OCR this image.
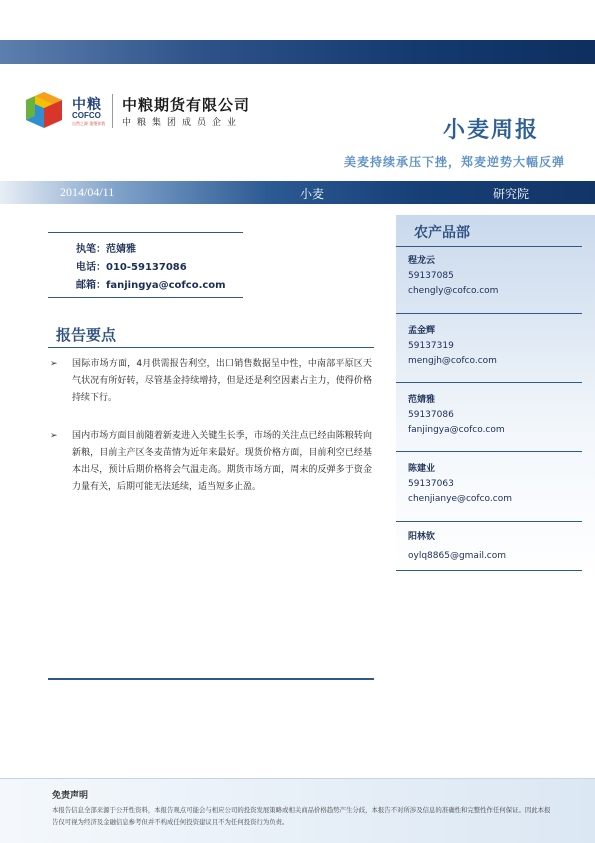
中粮
COFCO
自然之源 重塑你我
中粮期货有限公司
中粮集团成员企业	小麦周报
美麦持续承压下挫，郑麦逆势大幅反弹
2014/04/11	小麦	研究院
农产品部
程龙云
59137085
chengly@cofco.com
孟金辉
59137319
mengjh@cofco.com
范婧雅
59137086
fanjingya@cofco.com
陈建业
59137063
chenjianye@cofco.com
阳林钦
oylq8865@gmail.com
执笔：范婧雅
电话：010-59137086
邮箱：fanjingya@cofco.com
报告要点
➢ 国际市场方面，4月供需报告利空，出口销售数据呈中性，中南部平原区天气状况有所好转，尽管基金持续增持，但是还是利空因素占主力，使得价格持续下行。
➢ 国内市场方面目前随着新麦进入关键生长季，市场的关注点已经由陈粮转向新粮，目前主产区冬麦苗情为近年来最好。现货价格方面，目前利空已经基本出尽，预计后期价格将会气温走高。期货市场方面，周末的反弹多于资金力量有关，后期可能无法延续，适当短多止盈。
免责声明
本报告信息全部来源于公开性资料，本报告观点可能会与相应公司的投资发展策略或相关商品价格趋势产生分歧，本报告不对所涉及信息的准确性和完整性作任何保证。因此本报告仅可视为经济及金融信息参考但并不构成任何投资建议且不为任何投资行为负责。
